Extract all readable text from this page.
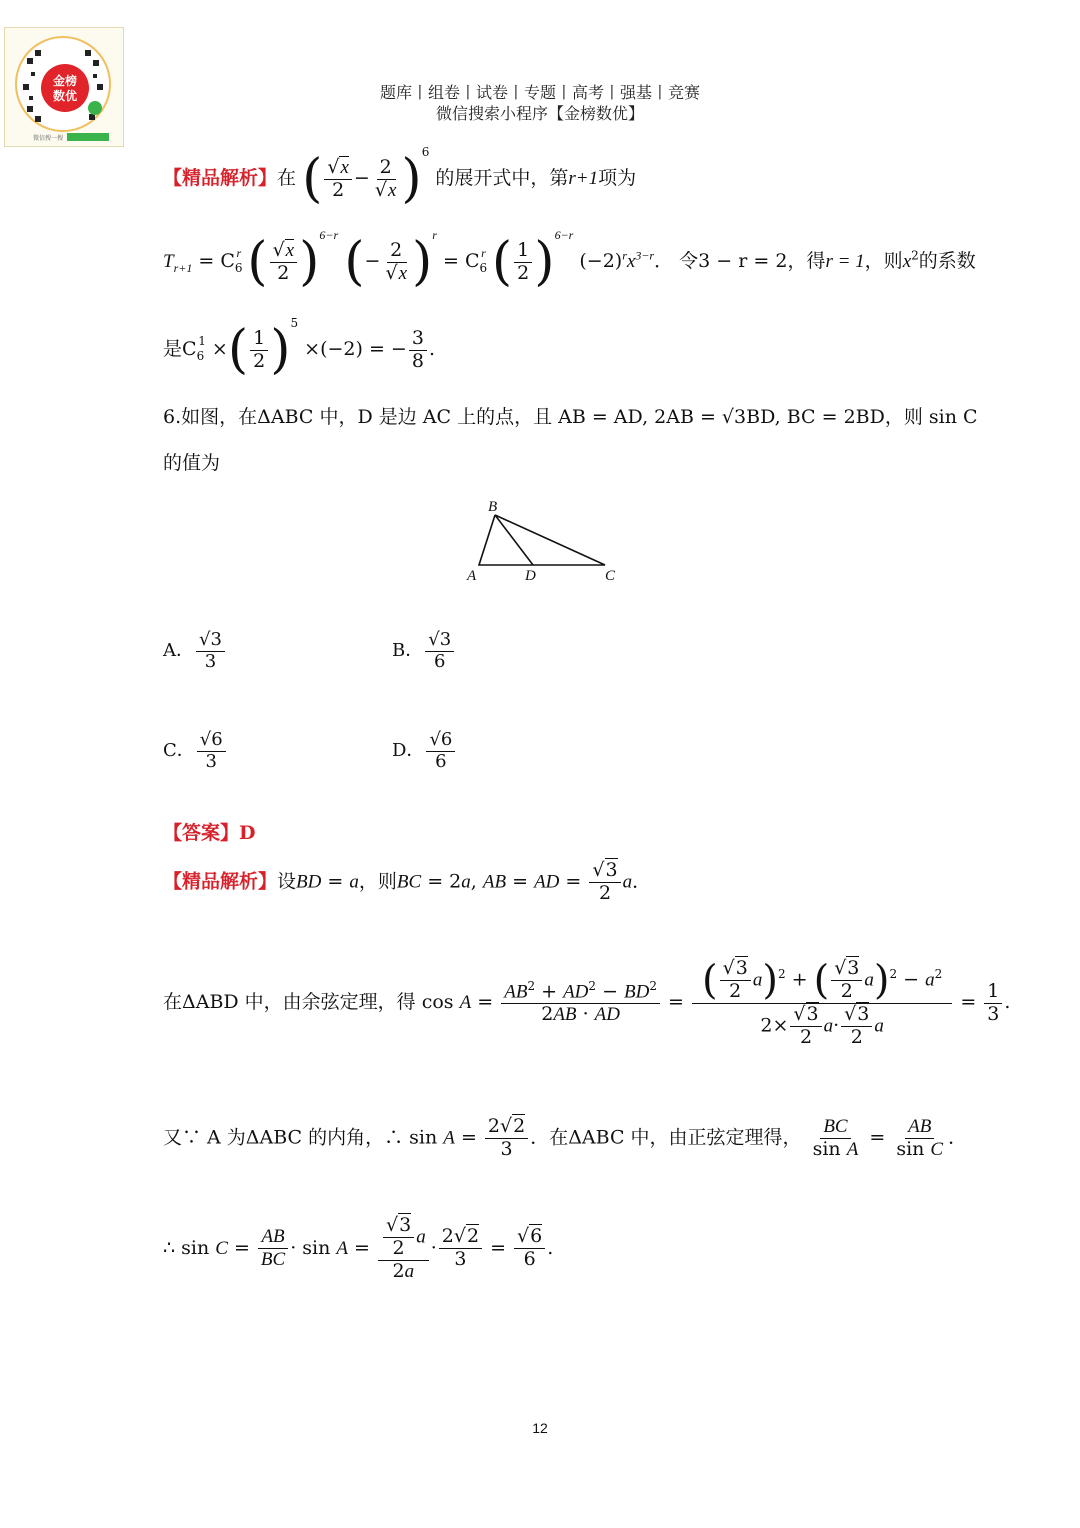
金榜
数优
微信搜一搜
题库丨组卷丨试卷丨专题丨高考丨强基丨竞赛
微信搜索小程序【金榜数优】
【精品解析】在 ( $\frac{√x}{2} - \frac{2}{√x} )^6$ 的展开式中，第r+1项为
$T_{r+1} = C_6^r$ ( $\frac{√x}{2} )^{6-r}$ (− $\frac{2}{√x} )^r = C_6^r$ ( $\frac{1}{2} )^{6-r}$ $(-2)^rx^{3-r}$． 令3 − r = 2，得r = 1，则$x^2$的系数
是$C_6^1$ ×( $\frac{1}{2} )^5 \times(-2)$ = − $\frac{3}{8}$ .
6.如图，在ΔABC 中，D 是边 AC 上的点，且 AB = AD, 2AB = √3BD, BC = 2BD，则 sin C
的值为
B
A	D	C
A． $\frac{√3}{3}$	B． $\frac{√3}{6}$
C． $\frac{√6}{3}$	D． $\frac{√6}{6}$
【答案】D
【精品解析】设BD = a，则BC = 2a, AB = AD = $\frac{√3}{2}$ a．
在ΔABD 中，由余弦定理，得 $\cos A = \frac{AB^2 + AD^2 - BD^2}{2AB \cdot AD} = \frac{( \frac{√3}{2} a)^2 + ( \frac{√3}{2} a)^2 - a^2}{2\times \frac{√3}{2} a\cdot \frac{√3}{2} a} = \frac{1}{3}$ .
又∵ A 为ΔABC 的内角，∴ $\sin A = \frac{2√2}{3}$ ．在ΔABC 中，由正弦定理得， $\frac{BC}{\text{sin A}} = \frac{AB}{\text{sin C}}$ ．
∴ $\sin C = \frac{AB}{BC} \cdot \sin A = \frac{\frac{√3}{2} a}{2a} \cdot \frac{2√2}{3} = \frac{√6}{6}$ .
12
